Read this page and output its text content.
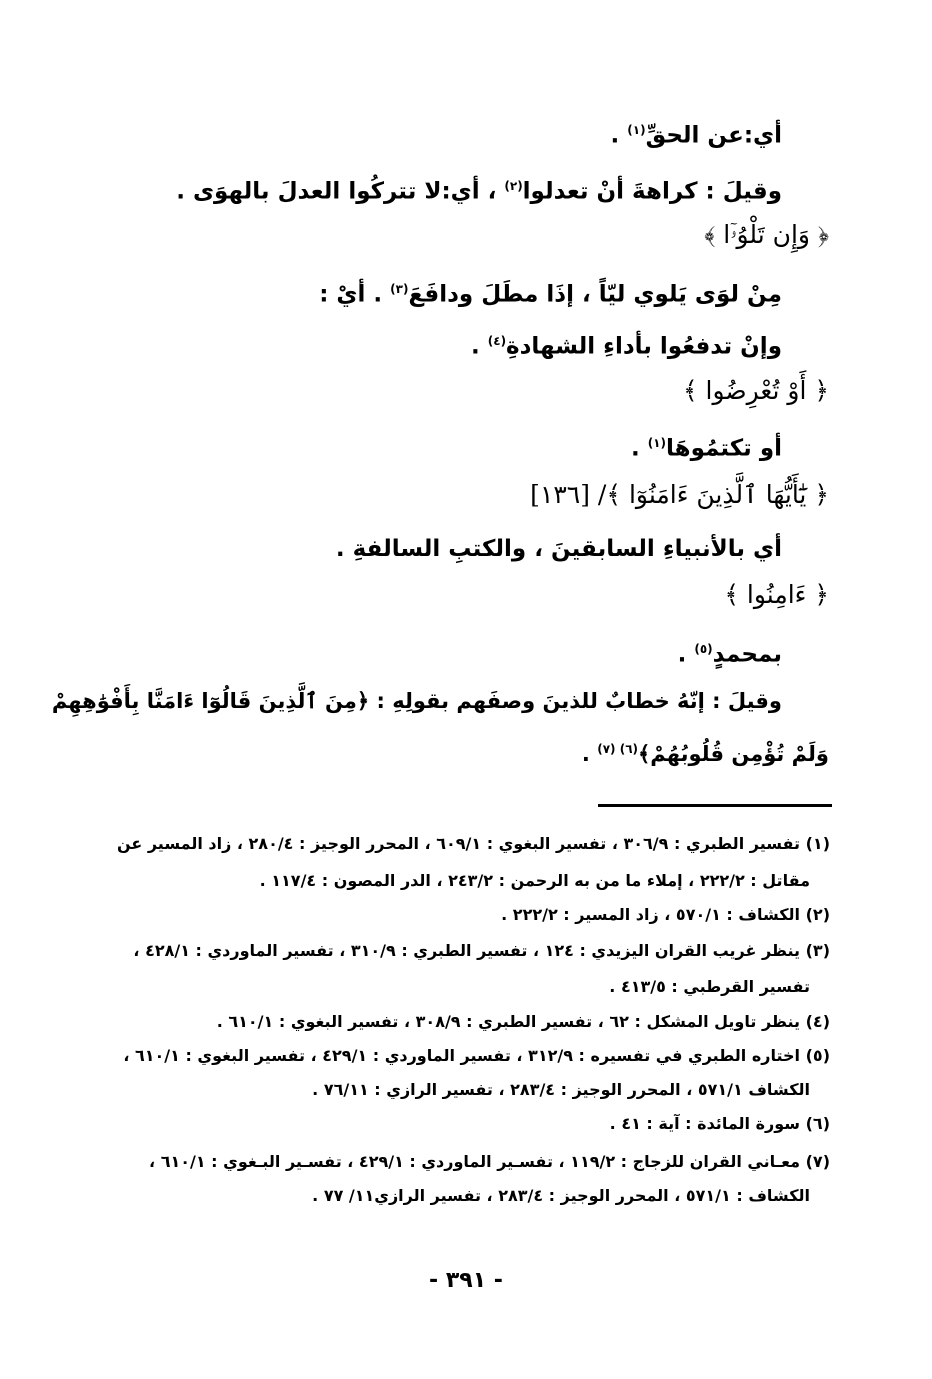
أي:عن الحقِّ$^{(١)}$ .
وقيلَ : كراهةَ أنْ تعدلوا$^{(٢)}$ ، أي:لا تتركُوا العدلَ بالهوَى .
﴿ وَإِن تَلْوُۥٓا ﴾
مِنْ لوَى يَلوي ليّاً ، إذَا مطَلَ ودافَعَ$^{(٣)}$ . أيْ :
وإنْ تدفعُوا بأداءِ الشهادةِ$^{(٤)}$ .
﴿ أَوْ تُعْرِضُوا ﴾
أو تكتمُوهَا$^{(١)}$ .
﴿ يَٰٓأَيُّهَا ٱلَّذِينَ ءَامَنُوٓا ﴾/ [١٣٦]
أي بالأنبياءِ السابقينَ ، والكتبِ السالفةِ .
﴿ ءَامِنُوا ﴾
بمحمدٍ$^{(٥)}$ .
وقيلَ : إنّهُ خطابٌ للذينَ وصفَهم بقولِهِ : ﴿مِنَ ٱلَّذِينَ قَالُوٓا ءَامَنَّا بِأَفْوَٰهِهِمْ
وَلَمْ تُؤْمِن قُلُوبُهُمْ﴾$^{(٦) (٧)}$ .
(١) تفسير الطبري : ٣٠٦/٩ ، تفسير البغوي : ٦٠٩/١ ، المحرر الوجيز : ٢٨٠/٤ ، زاد المسير عن
مقاتل : ٢٢٢/٢ ، إملاء ما من به الرحمن : ٢٤٣/٢ ، الدر المصون : ١١٧/٤ .
(٢) الكشاف : ٥٧٠/١ ، زاد المسير : ٢٢٢/٢ .
(٣) ينظر غريب القران اليزيدي : ١٢٤ ، تفسير الطبري : ٣١٠/٩ ، تفسير الماوردي : ٤٢٨/١ ،
تفسير القرطبي : ٤١٣/٥ .
(٤) ينظر تاويل المشكل : ٦٢ ، تفسير الطبري : ٣٠٨/٩ ، تفسير البغوي : ٦١٠/١ .
(٥) اختاره الطبري في تفسيره : ٣١٢/٩ ، تفسير الماوردي : ٤٢٩/١ ، تفسير البغوي : ٦١٠/١ ،
الكشاف ٥٧١/١ ، المحرر الوجيز : ٢٨٣/٤ ، تفسير الرازي : ٧٦/١١ .
(٦) سورة المائدة : آية : ٤١ .
(٧) معـاني القران للزجاج : ١١٩/٢ ، تفسـير الماوردي : ٤٢٩/١ ، تفسـير البـغوي : ٦١٠/١ ،
الكشاف : ٥٧١/١ ، المحرر الوجيز : ٢٨٣/٤ ، تفسير الرازي١١/ ٧٧ .
- ٣٩١ -
